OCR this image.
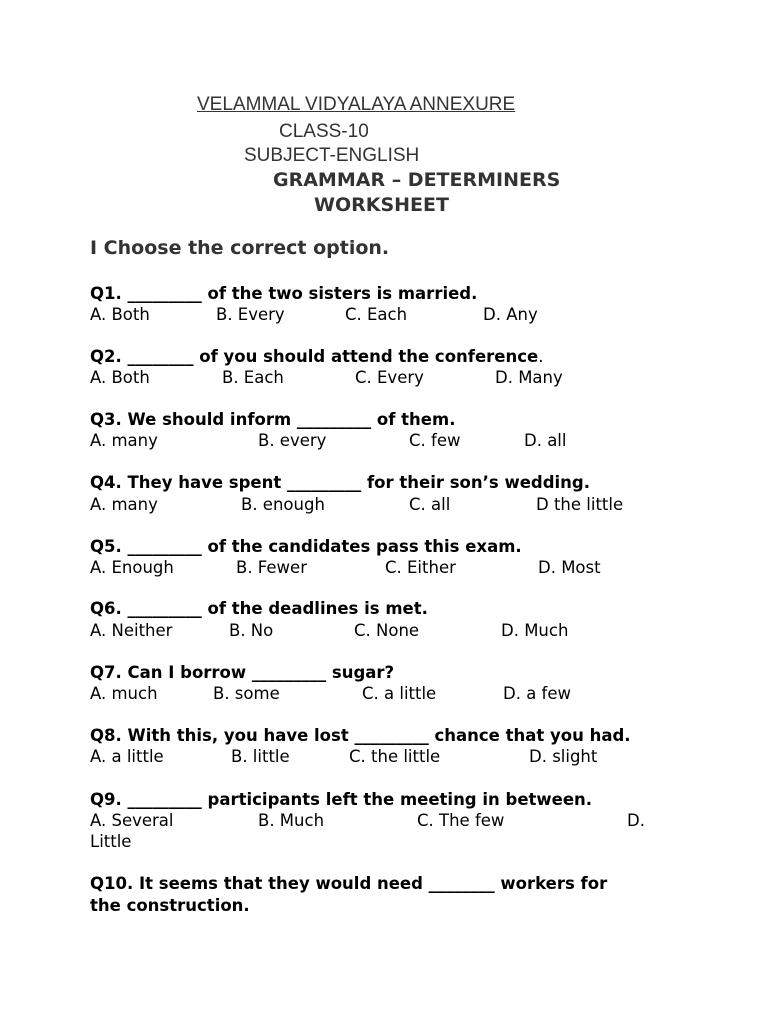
VELAMMAL VIDYALAYA ANNEXURE
CLASS-10
SUBJECT-ENGLISH
GRAMMAR – DETERMINERS
WORKSHEET
I Choose the correct option.
Q1. _________ of the two sisters is married.
A. Both	B. Every	C. Each	D. Any
Q2. ________ of you should attend the conference.
A. Both	B. Each	C. Every	D. Many
Q3. We should inform _________ of them.
A. many	B. every	C. few	D. all
Q4. They have spent _________ for their son’s wedding.
A. many	B. enough	C. all	D the little
Q5. _________ of the candidates pass this exam.
A. Enough	B. Fewer	C. Either	D. Most
Q6. _________ of the deadlines is met.
A. Neither	B. No	C. None	D. Much
Q7. Can I borrow _________ sugar?
A. much	B. some	C. a little	D. a few
Q8. With this, you have lost _________ chance that you had.
A. a little	B. little	C. the little	D. slight
Q9. _________ participants left the meeting in between.
A. Several	B. Much	C. The few	D.
Little
Q10. It seems that they would need ________ workers for
the construction.
